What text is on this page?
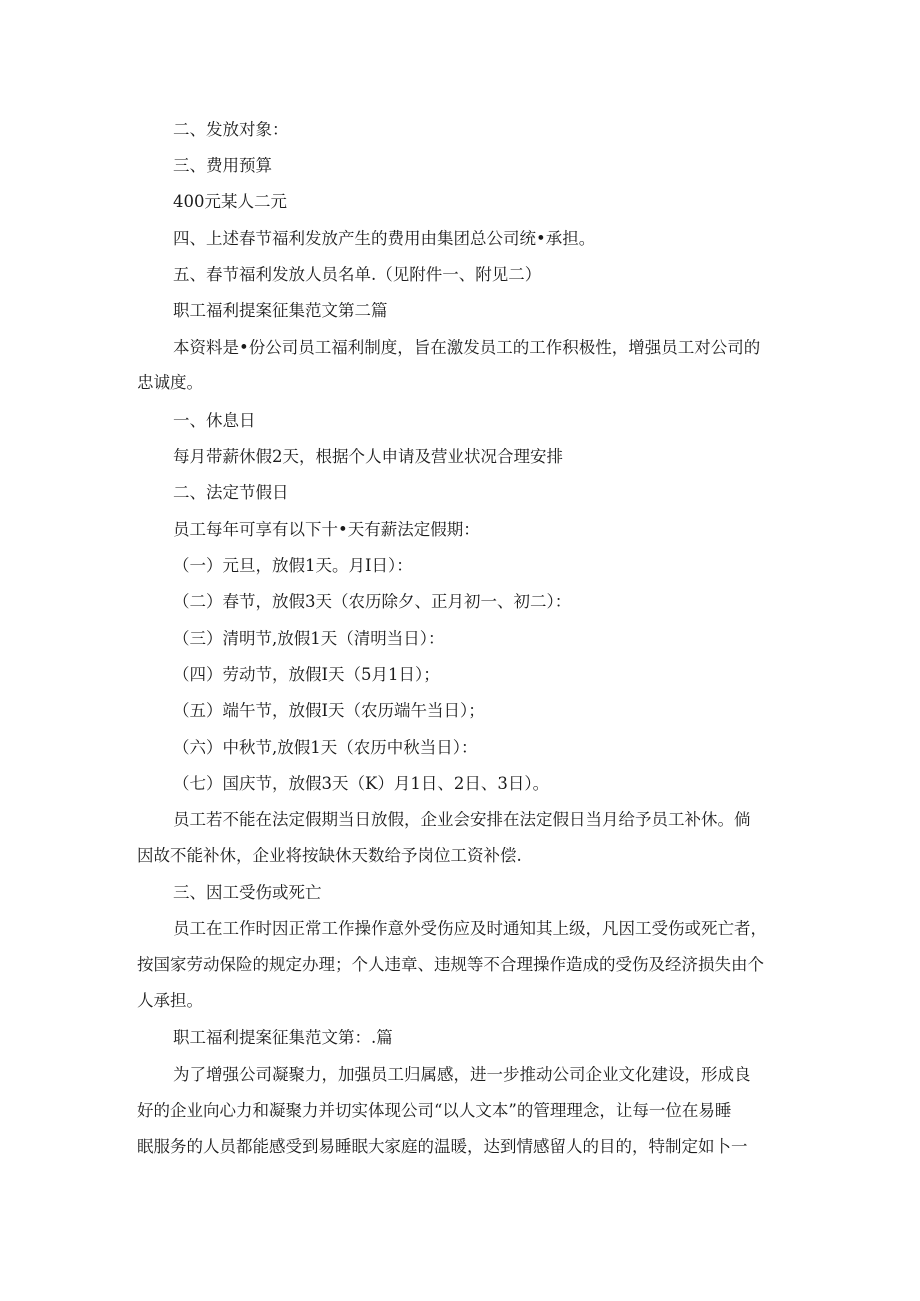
二、发放对象：

三、费用预算

400元某人二元

四、上述春节福利发放产生的费用由集团总公司统•承担。

五、春节福利发放人员名单.（见附件一、附见二）

职工福利提案征集范文第二篇

本资料是•份公司员工福利制度，旨在激发员工的工作积极性，增强员工对公司的

忠诚度。

一、休息日

每月带薪休假2天，根据个人申请及营业状况合理安排

二、法定节假日

员工每年可享有以下十•天有薪法定假期：

（一）元旦，放假1天。月I日）：

（二）春节，放假3天（农历除夕、正月初一、初二）：

（三）清明节,放假1天（清明当日）：

（四）劳动节，放假I天（5月1日）；

（五）端午节，放假I天（农历端午当日）；

（六）中秋节,放假1天（农历中秋当日）：

（七）国庆节，放假3天（K）月1日、2日、3日）。

员工若不能在法定假期当日放假，企业会安排在法定假日当月给予员工补休。倘

因故不能补休，企业将按缺休天数给予岗位工资补偿.

三、因工受伤或死亡

员工在工作时因正常工作操作意外受伤应及时通知其上级，凡因工受伤或死亡者，

按国家劳动保险的规定办理；个人违章、违规等不合理操作造成的受伤及经济损失由个

人承担。

职工福利提案征集范文第：.篇

为了增强公司凝聚力，加强员工归属感，进一步推动公司企业文化建设，形成良

好的企业向心力和凝聚力并切实体现公司“以人文本”的管理理念，让每一位在易睡

眠服务的人员都能感受到易睡眠大家庭的温暖，达到情感留人的目的，特制定如卜一
